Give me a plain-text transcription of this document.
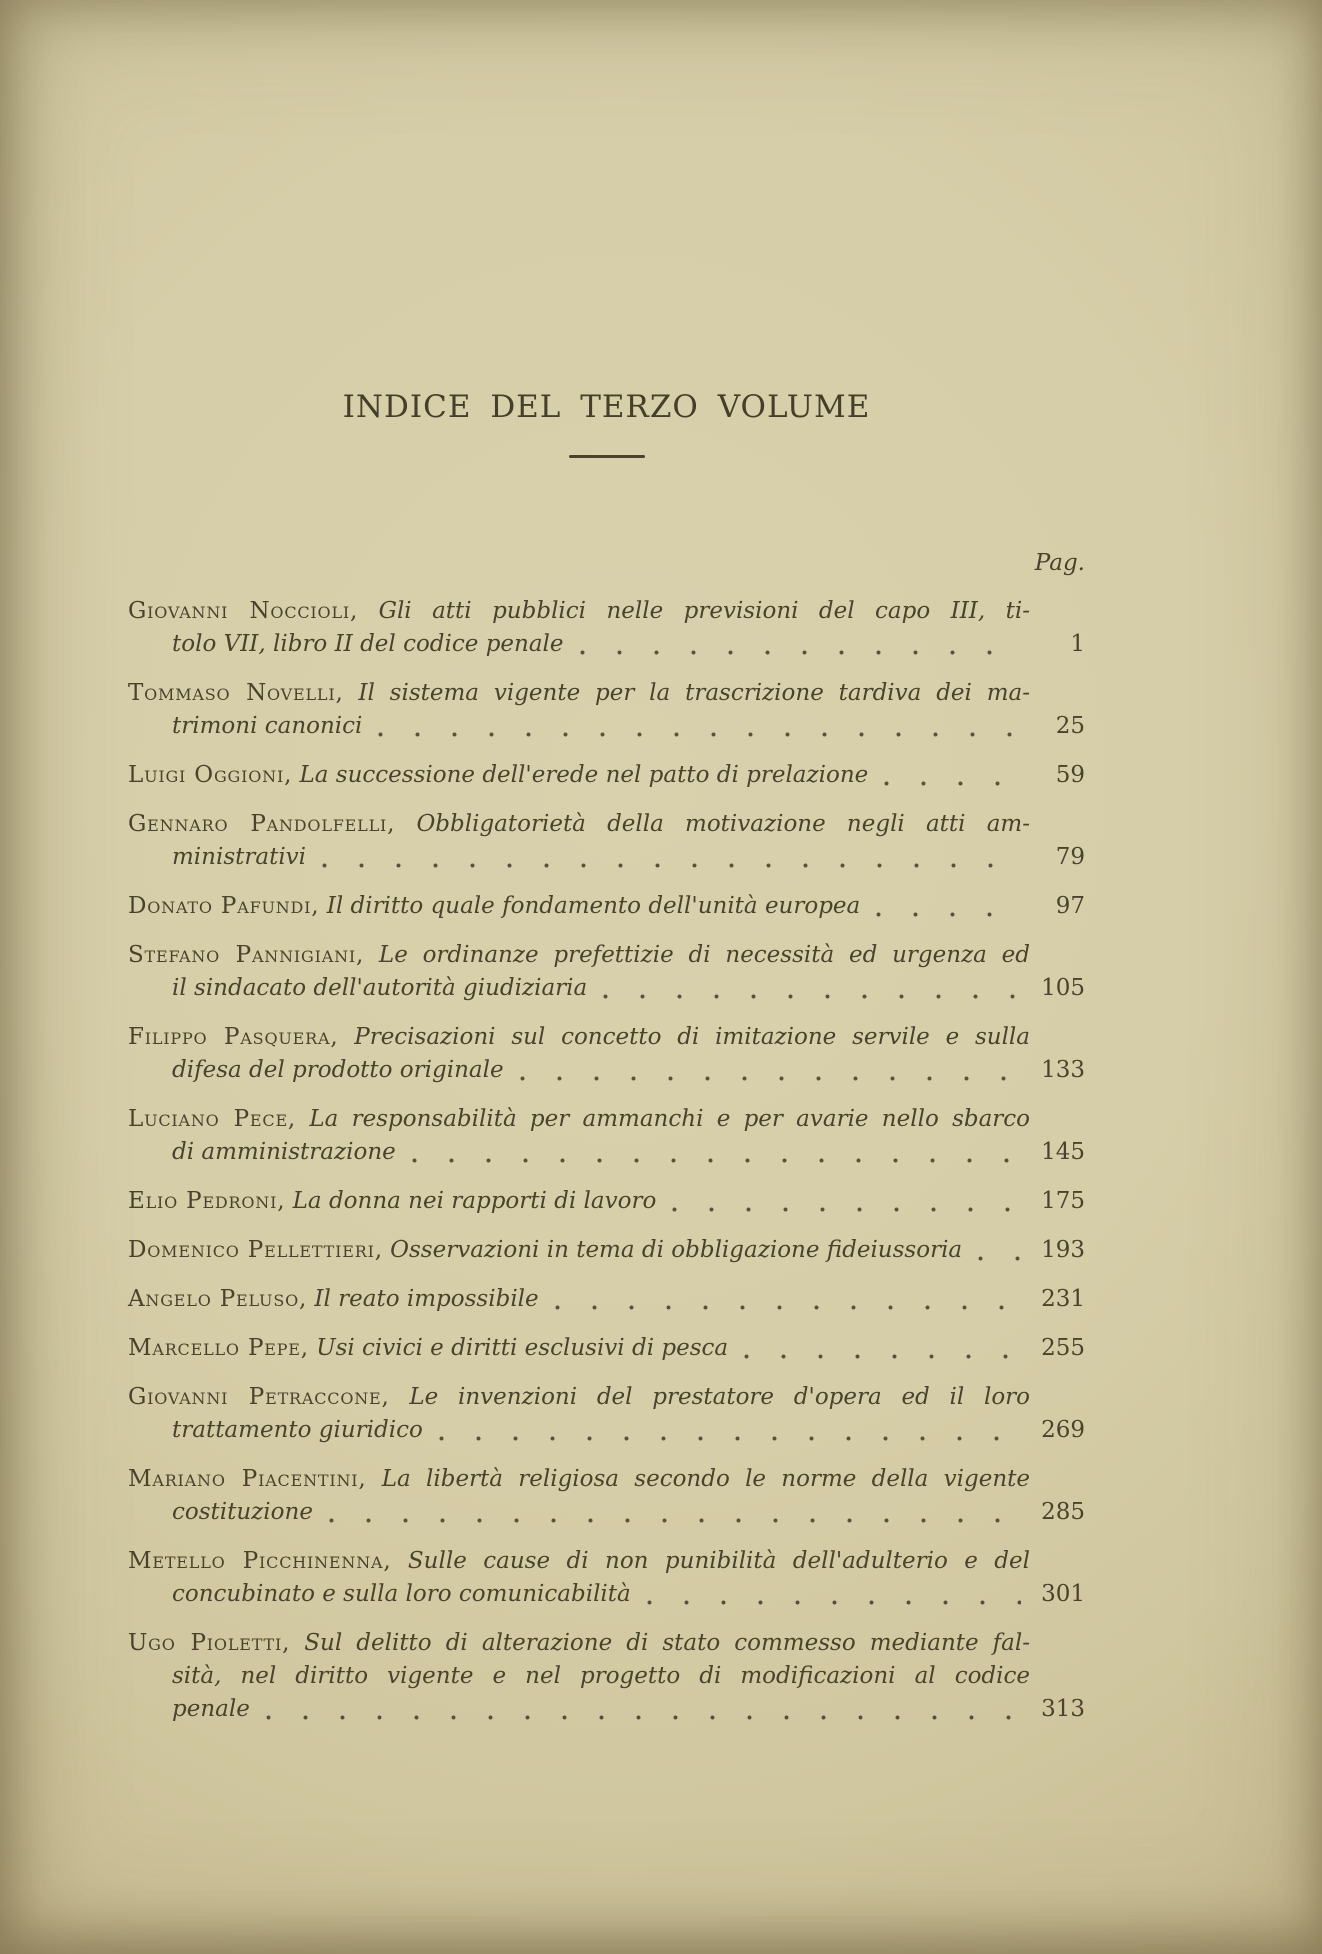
INDICE DEL TERZO VOLUME
Pag.
Giovanni Noccioli, Gli atti pubblici nelle previsioni del capo III, ti-
tolo VII, libro II del codice penale	1
Tommaso Novelli, Il sistema vigente per la trascrizione tardiva dei ma-
trimoni canonici	25
Luigi Oggioni, La successione dell'erede nel patto di prelazione	59
Gennaro Pandolfelli, Obbligatorietà della motivazione negli atti am-
ministrativi	79
Donato Pafundi, Il diritto quale fondamento dell'unità europea	97
Stefano Pannigiani, Le ordinanze prefettizie di necessità ed urgenza ed
il sindacato dell'autorità giudiziaria	105
Filippo Pasquera, Precisazioni sul concetto di imitazione servile e sulla
difesa del prodotto originale	133
Luciano Pece, La responsabilità per ammanchi e per avarie nello sbarco
di amministrazione	145
Elio Pedroni, La donna nei rapporti di lavoro	175
Domenico Pellettieri, Osservazioni in tema di obbligazione fideiussoria	193
Angelo Peluso, Il reato impossibile	231
Marcello Pepe, Usi civici e diritti esclusivi di pesca	255
Giovanni Petraccone, Le invenzioni del prestatore d'opera ed il loro
trattamento giuridico	269
Mariano Piacentini, La libertà religiosa secondo le norme della vigente
costituzione	285
Metello Picchinenna, Sulle cause di non punibilità dell'adulterio e del
concubinato e sulla loro comunicabilità	301
Ugo Pioletti, Sul delitto di alterazione di stato commesso mediante fal-
sità, nel diritto vigente e nel progetto di modificazioni al codice
penale	313
